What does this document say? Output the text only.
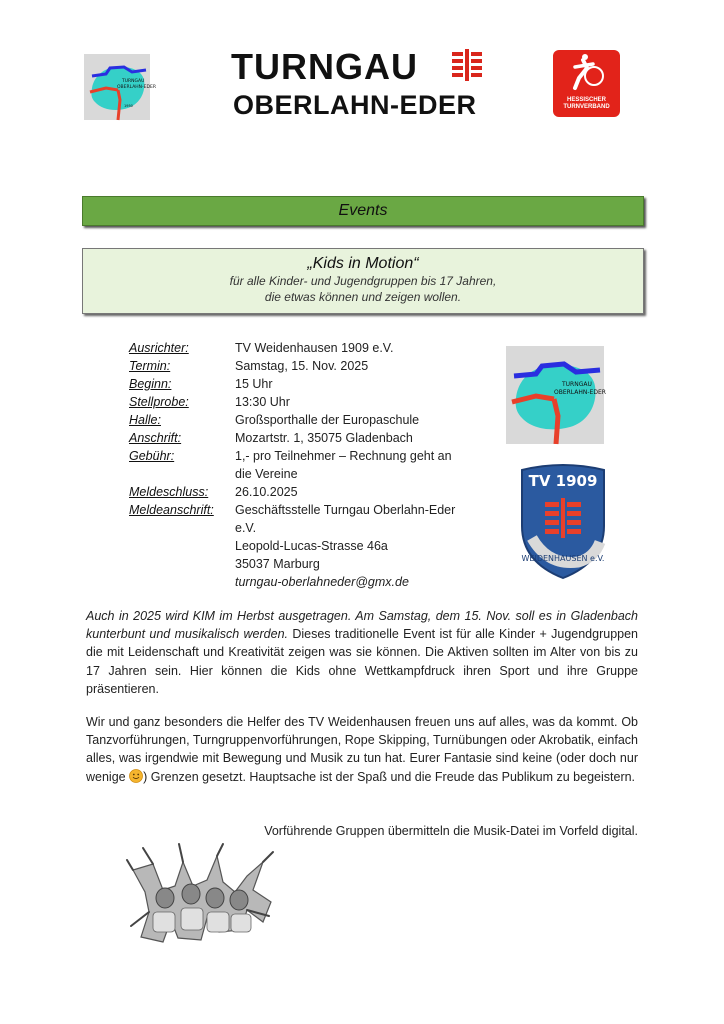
TURNGAU
OBERLAHN-EDER
1950
TURNGAU
OBERLAHN-EDER	HESSISCHER
TURNVERBAND
Events
„Kids in Motion“
für alle Kinder- und Jugendgruppen bis 17 Jahren,
die etwas können und zeigen wollen.
Ausrichter:	TV Weidenhausen 1909 e.V.
Termin:	Samstag, 15. Nov. 2025
Beginn:	15 Uhr
Stellprobe:	13:30 Uhr
Halle:	Großsporthalle der Europaschule
Anschrift:	Mozartstr. 1, 35075 Gladenbach
Gebühr:	1,- pro Teilnehmer – Rechnung geht an
die Vereine
Meldeschluss: 26.10.2025
Meldeanschrift: Geschäftsstelle Turngau Oberlahn-Eder
e.V.
Leopold-Lucas-Strasse 46a
35037 Marburg
turngau-oberlahneder@gmx.de
TURNGAU
OBERLAHN-EDER
TV 1909
WEIDENHAUSEN e.V.
Auch in 2025 wird KIM im Herbst ausgetragen. Am Samstag, dem 15. Nov. soll es in Gladenbach kunterbunt und musikalisch werden. Dieses traditionelle Event ist für alle Kinder + Jugendgruppen die mit Leidenschaft und Kreativität zeigen was sie können. Die Aktiven sollten im Alter von bis zu 17 Jahren sein. Hier können die Kids ohne Wettkampfdruck ihren Sport und ihre Gruppe präsentieren.
Wir und ganz besonders die Helfer des TV Weidenhausen freuen uns auf alles, was da kommt. Ob Tanzvorführungen, Turngruppenvorführungen, Rope Skipping, Turnübungen oder Akrobatik, einfach alles, was irgendwie mit Bewegung und Musik zu tun hat. Eurer Fantasie sind keine (oder doch nur wenige ) Grenzen gesetzt. Hauptsache ist der Spaß und die Freude das Publikum zu begeistern.
Vorführende Gruppen übermitteln die Musik-Datei im Vorfeld digital.
